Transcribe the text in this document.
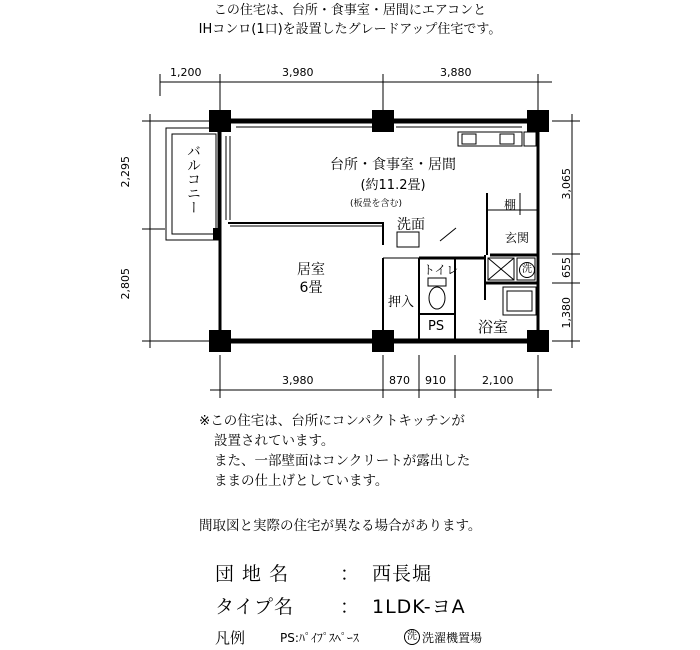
この住宅は、台所・食事室・居間にエアコンと
IHコンロ(1口)を設置したグレードアップ住宅です。
1,200	3,980	3,880
3,980	870 910	2,100
2,295
2,805
3,065
655
1,380
台所・食事室・居間
(約11.2畳)
(板畳を含む)
居室
6畳
バルコニー
洗面
棚
玄関
トイレ
押入
PS 浴室
洗
※この住宅は、台所にコンパクトキッチンが
設置されています。
また、一部壁面はコンクリートが露出した
ままの仕上げとしています。
間取図と実際の住宅が異なる場合があります。
団 地 名	： 西長堀
タイプ名 ： 1LDK-ヨA
凡例	PS:ﾊﾟｲﾌﾟｽﾍﾟｰｽ	洗 洗濯機置場
